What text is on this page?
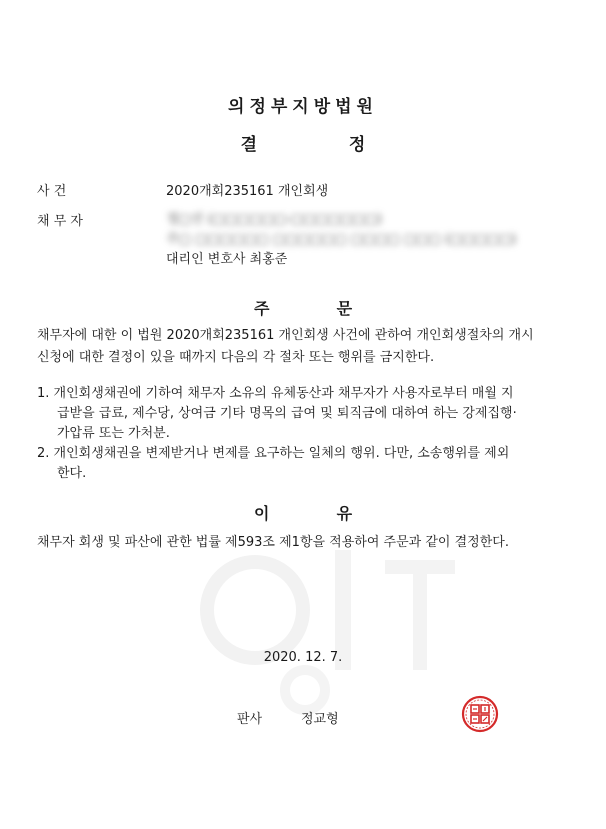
의정부지방법원
결	정
사 건	2020개회235161 개인회생
채 무 자	정□선 (□□□□□□-□□□□□□□)
주□ □□□□□□ □□□□□□ □□□□ □□□ (□□□□□)
대리인 변호사 최홍준
주	문
채무자에 대한 이 법원 2020개회235161 개인회생 사건에 관하여 개인회생절차의 개시
신청에 대한 결정이 있을 때까지 다음의 각 절차 또는 행위를 금지한다.
1. 개인회생채권에 기하여 채무자 소유의 유체동산과 채무자가 사용자로부터 매월 지
급받을 급료, 제수당, 상여금 기타 명목의 급여 및 퇴직금에 대하여 하는 강제집행·
가압류 또는 가처분.
2. 개인회생채권을 변제받거나 변제를 요구하는 일체의 행위. 다만, 소송행위를 제외
한다.
이	유
채무자 회생 및 파산에 관한 법률 제593조 제1항을 적용하여 주문과 같이 결정한다.
2020. 12. 7.
판사	정교형
